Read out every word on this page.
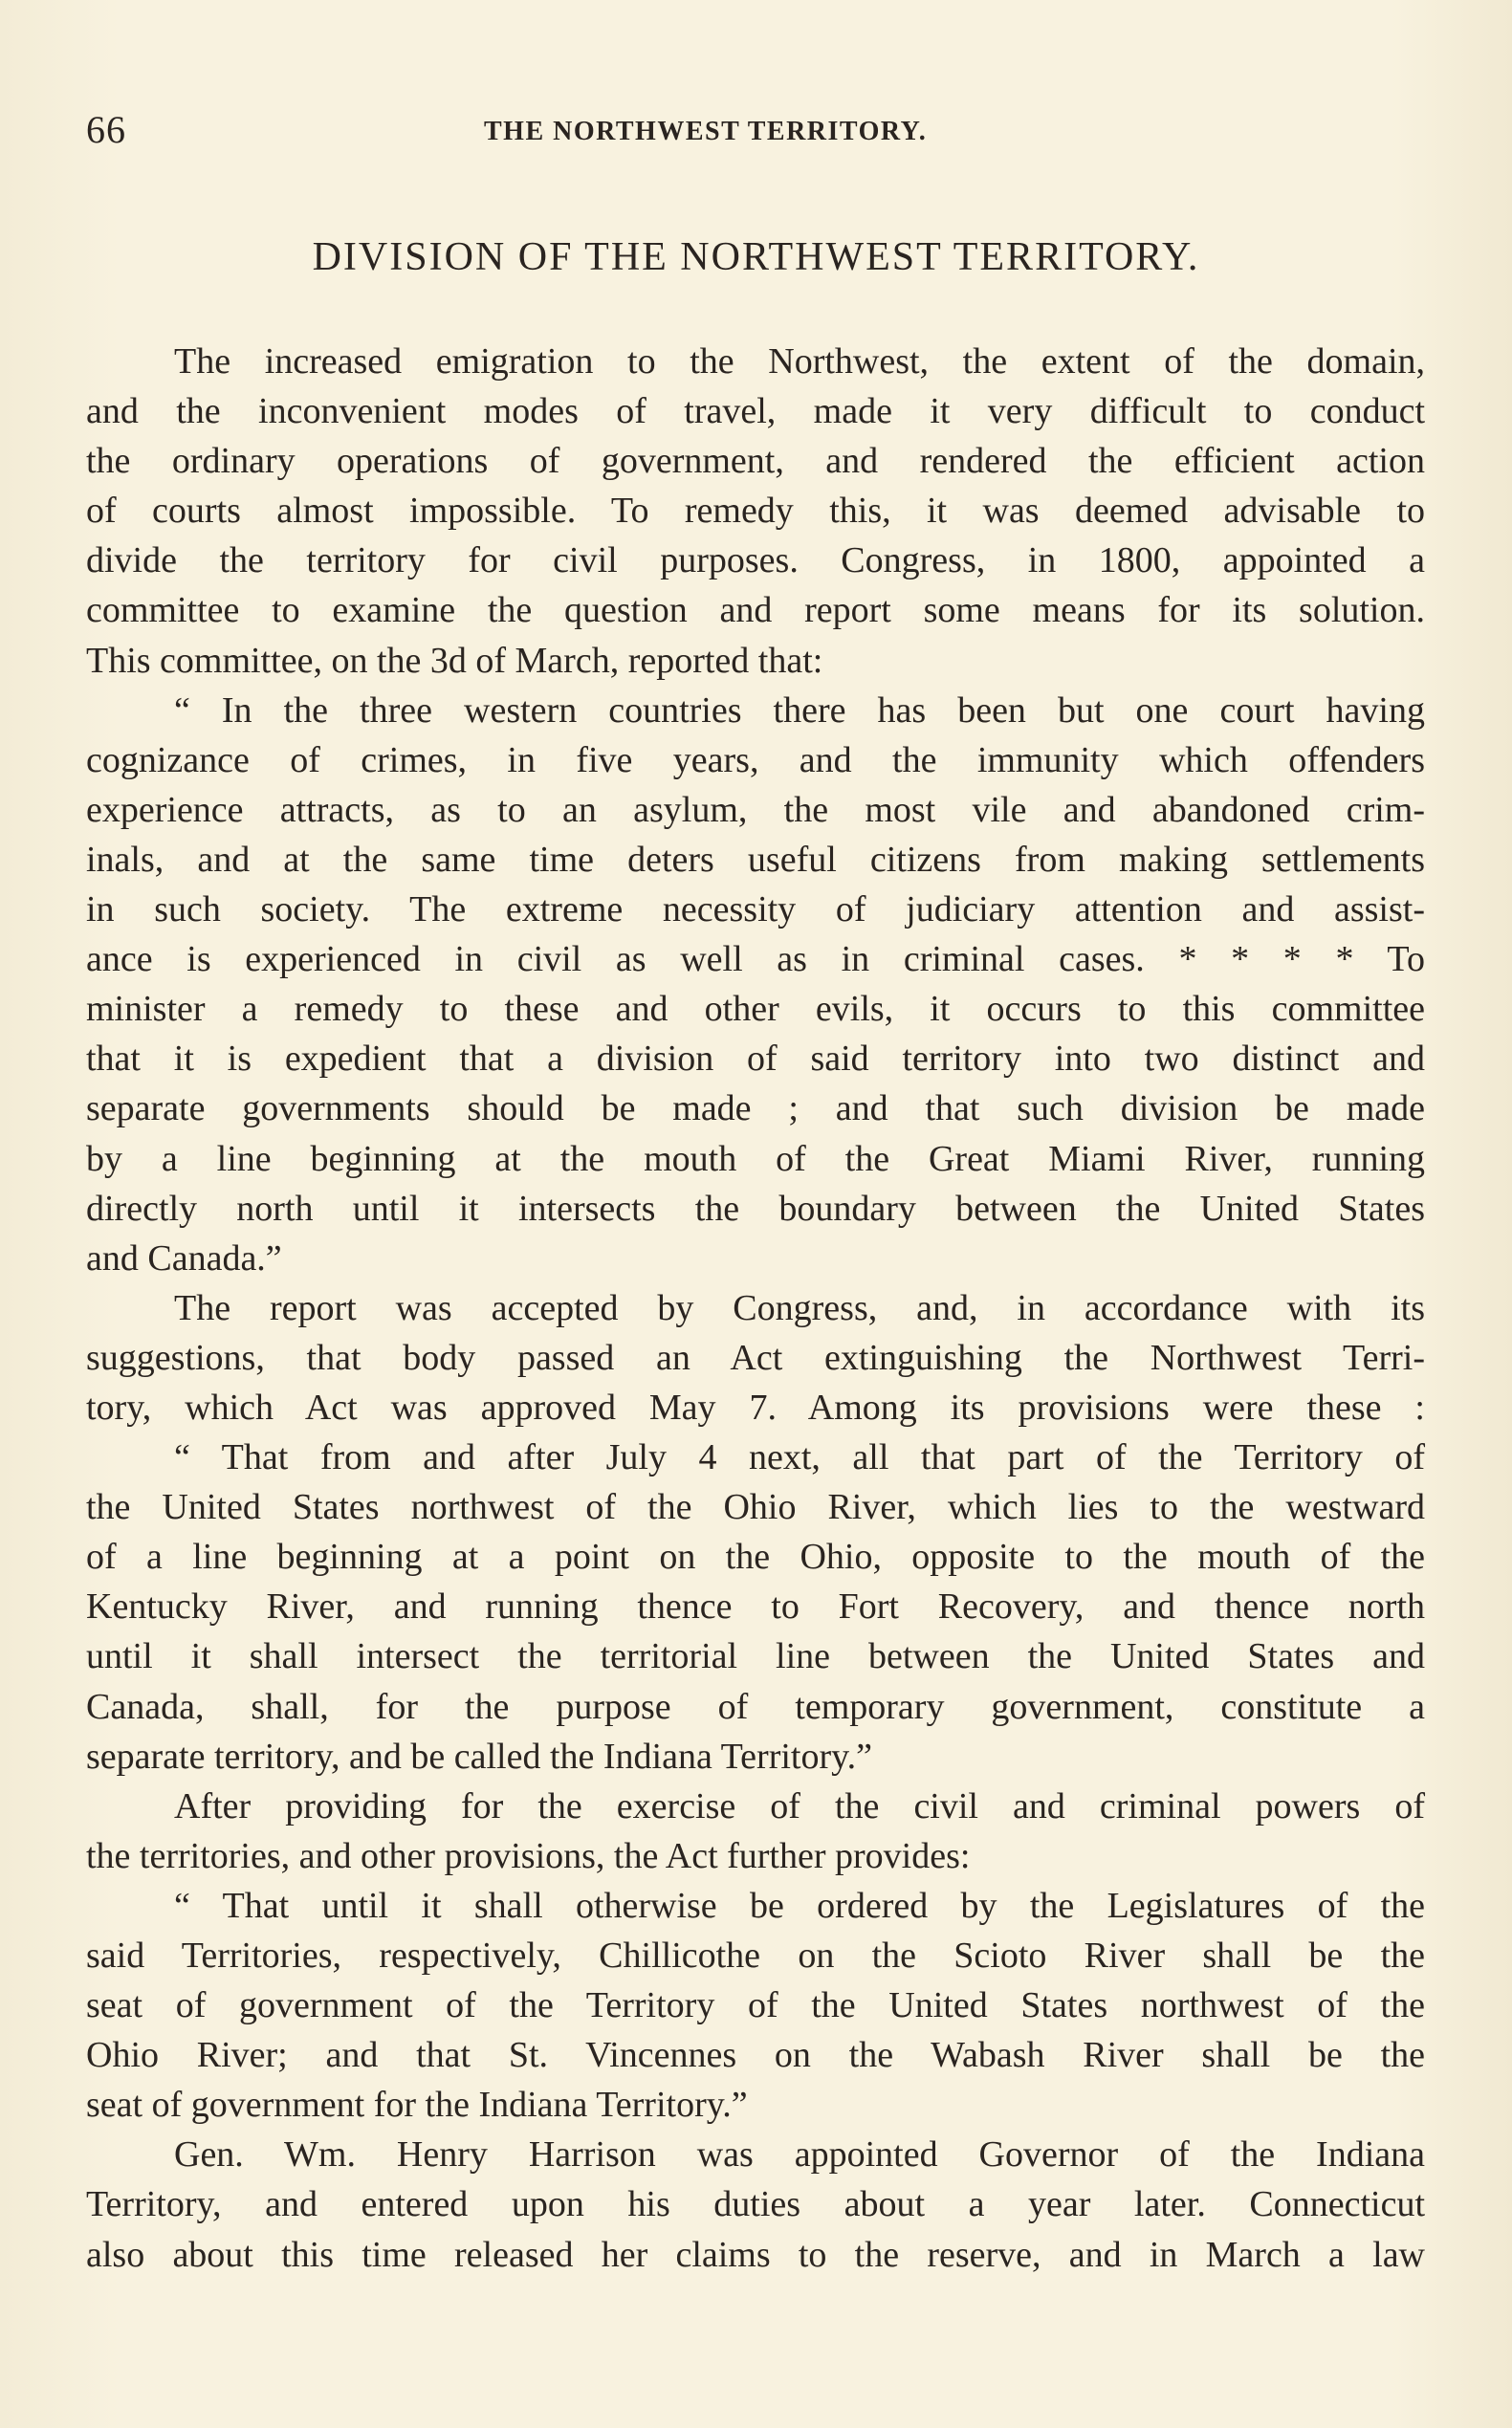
66	THE NORTHWEST TERRITORY.
DIVISION OF THE NORTHWEST TERRITORY.
The increased emigration to the Northwest, the extent of the domain,
and the inconvenient modes of travel, made it very difficult to conduct
the ordinary operations of government, and rendered the efficient action
of courts almost impossible. To remedy this, it was deemed advisable to
divide the territory for civil purposes. Congress, in 1800, appointed a
committee to examine the question and report some means for its solution.
This committee, on the 3d of March, reported that:
“ In the three western countries there has been but one court having
cognizance of crimes, in five years, and the immunity which offenders
experience attracts, as to an asylum, the most vile and abandoned crim-
inals, and at the same time deters useful citizens from making settlements
in such society. The extreme necessity of judiciary attention and assist-
ance is experienced in civil as well as in criminal cases. * * * * To
minister a remedy to these and other evils, it occurs to this committee
that it is expedient that a division of said territory into two distinct and
separate governments should be made ; and that such division be made
by a line beginning at the mouth of the Great Miami River, running
directly north until it intersects the boundary between the United States
and Canada.”
The report was accepted by Congress, and, in accordance with its
suggestions, that body passed an Act extinguishing the Northwest Terri-
tory, which Act was approved May 7. Among its provisions were these :
“ That from and after July 4 next, all that part of the Territory of
the United States northwest of the Ohio River, which lies to the westward
of a line beginning at a point on the Ohio, opposite to the mouth of the
Kentucky River, and running thence to Fort Recovery, and thence north
until it shall intersect the territorial line between the United States and
Canada, shall, for the purpose of temporary government, constitute a
separate territory, and be called the Indiana Territory.”
After providing for the exercise of the civil and criminal powers of
the territories, and other provisions, the Act further provides:
“ That until it shall otherwise be ordered by the Legislatures of the
said Territories, respectively, Chillicothe on the Scioto River shall be the
seat of government of the Territory of the United States northwest of the
Ohio River; and that St. Vincennes on the Wabash River shall be the
seat of government for the Indiana Territory.”
Gen. Wm. Henry Harrison was appointed Governor of the Indiana
Territory, and entered upon his duties about a year later. Connecticut
also about this time released her claims to the reserve, and in March a law
